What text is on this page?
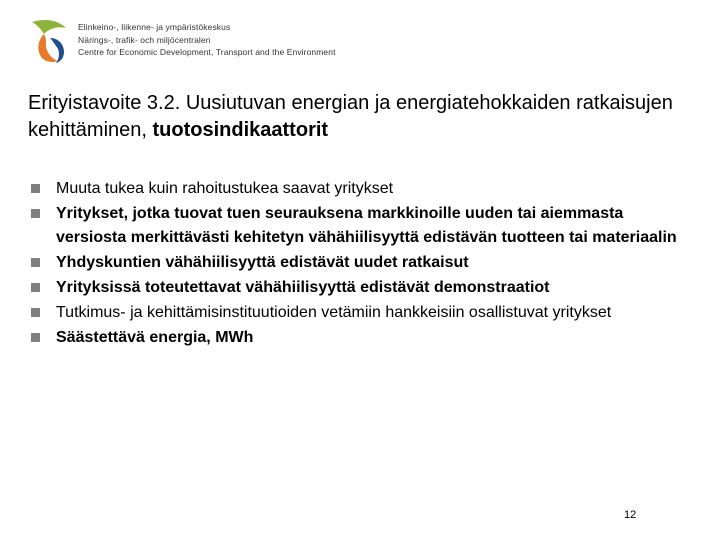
Elinkeino-, liikenne- ja ympäristökeskus
Närings-, trafik- och miljöcentralen
Centre for Economic Development, Transport and the Environment
Erityistavoite 3.2. Uusiutuvan energian ja energiatehokkaiden ratkaisujen kehittäminen, tuotosindikaattorit
Muuta tukea kuin rahoitustukea saavat yritykset
Yritykset, jotka tuovat tuen seurauksena markkinoille uuden tai aiemmasta versiosta merkittävästi kehitetyn vähähiilisyyttä edistävän tuotteen tai materiaalin
Yhdyskuntien vähähiilisyyttä edistävät uudet ratkaisut
Yrityksissä toteutettavat vähähiilisyyttä edistävät demonstraatiot
Tutkimus- ja kehittämisinstituutioiden vetämiin hankkeisiin osallistuvat yritykset
Säästettävä energia, MWh
12
